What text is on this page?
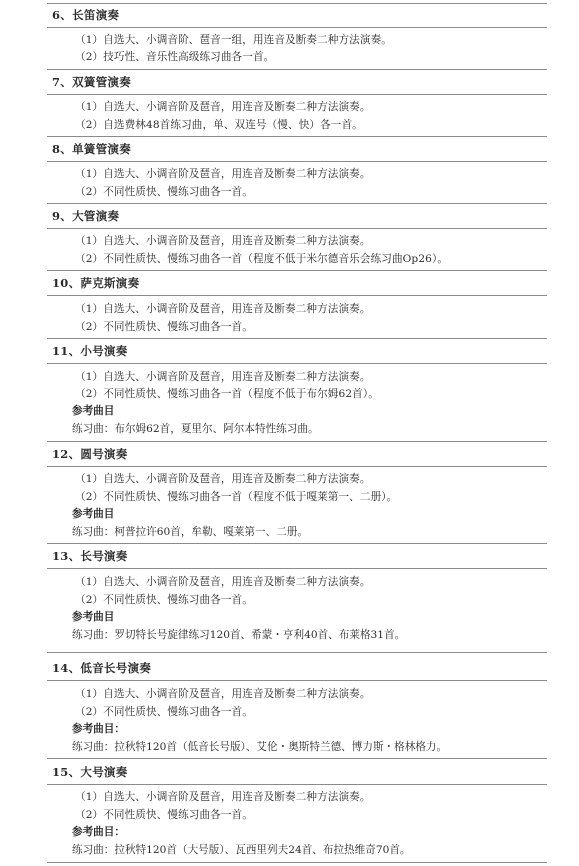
6、长笛演奏
（1）自选大、小调音阶、琶音一组，用连音及断奏二种方法演奏。
（2）技巧性、音乐性高级练习曲各一首。
7、双簧管演奏
（1）自选大、小调音阶及琶音，用连音及断奏二种方法演奏。
（2）自选费林48首练习曲，单、双连号（慢、快）各一首。
8、单簧管演奏
（1）自选大、小调音阶及琶音，用连音及断奏二种方法演奏。
（2）不同性质快、慢练习曲各一首。
9、大管演奏
（1）自选大、小调音阶及琶音，用连音及断奏二种方法演奏。
（2）不同性质快、慢练习曲各一首（程度不低于米尔德音乐会练习曲Op26）。
10、萨克斯演奏
（1）自选大、小调音阶及琶音，用连音及断奏二种方法演奏。
（2）不同性质快、慢练习曲各一首。
11、小号演奏
（1）自选大、小调音阶及琶音，用连音及断奏二种方法演奏。
（2）不同性质快、慢练习曲各一首（程度不低于布尔姆62首）。
参考曲目
练习曲：布尔姆62首，夏里尔、阿尔本特性练习曲。
12、圆号演奏
（1）自选大、小调音阶及琶音，用连音及断奏二种方法演奏。
（2）不同性质快、慢练习曲各一首（程度不低于嘎莱第一、二册）。
参考曲目
练习曲：柯普拉许60首，牟勒、嘎莱第一、二册。
13、长号演奏
（1）自选大、小调音阶及琶音，用连音及断奏二种方法演奏。
（2）不同性质快、慢练习曲各一首。
参考曲目
练习曲：罗切特长号旋律练习120首、希蒙・亨利40首、布莱格31首。
14、低音长号演奏
（1）自选大、小调音阶及琶音，用连音及断奏二种方法演奏。
（2）不同性质快、慢练习曲各一首。
参考曲目：
练习曲：拉秋特120首（低音长号版）、艾伦・奥斯特兰德、博力斯・格林格力。
15、大号演奏
（1）自选大、小调音阶及琶音，用连音及断奏二种方法演奏。
（2）不同性质快、慢练习曲各一首。
参考曲目：
练习曲：拉秋特120首（大号版）、瓦西里列夫24首、布拉热维奇70首。
